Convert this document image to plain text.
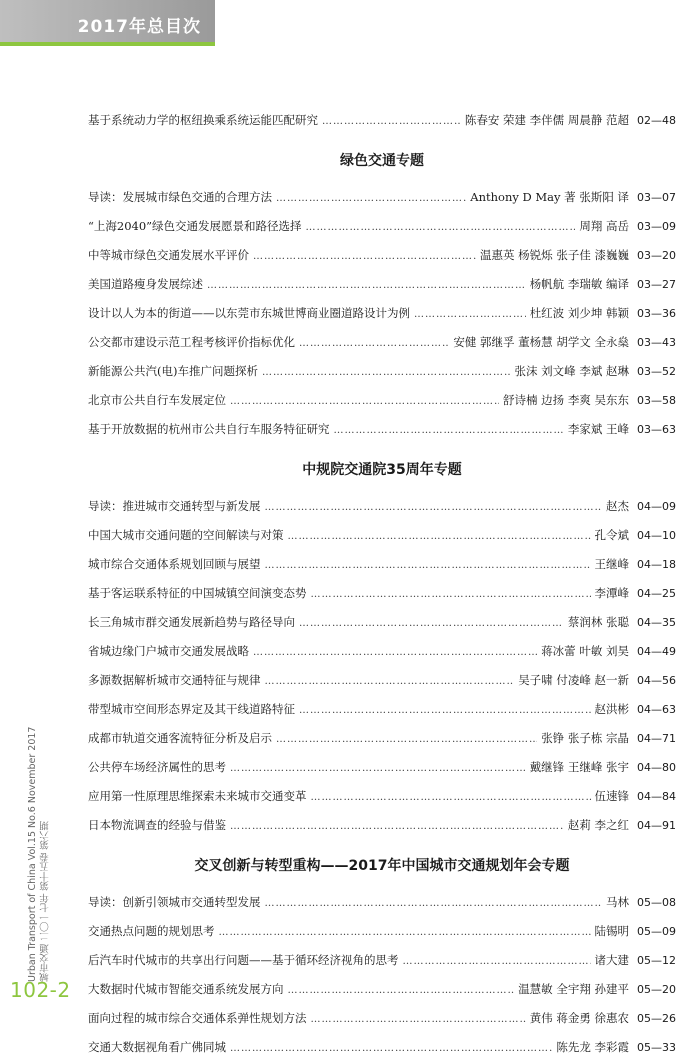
2017年总目次
基于系统动力学的枢纽换乘系统运能匹配研究 …………………………………………………………………………………………………………………………………………………………………………	陈春安 荣建 李伴儒 周晨静 范超 02—48
绿色交通专题
导读：发展城市绿色交通的合理方法 …………………………………………………………………………………………………………………………………………………………………………	Anthony D May 著 张斯阳 译 03—07
“上海2040”绿色交通发展愿景和路径选择 …………………………………………………………………………………………………………………………………………………………………………	周翔 高岳 03—09
中等城市绿色交通发展水平评价 …………………………………………………………………………………………………………………………………………………………………………	温惠英 杨锐烁 张子佳 漆巍巍 03—20
美国道路瘦身发展综述 …………………………………………………………………………………………………………………………………………………………………………	杨帆航 李瑞敏 编译 03—27
设计以人为本的街道——以东莞市东城世博商业圈道路设计为例 …………………………………………………………………………………………………………………………………………………………………………	杜红波 刘少坤 韩颖 03—36
公交都市建设示范工程考核评价指标优化 …………………………………………………………………………………………………………………………………………………………………………	安健 郭继孚 董杨慧 胡学文 全永燊 03—43
新能源公共汽(电)车推广问题探析 …………………………………………………………………………………………………………………………………………………………………………	张沫 刘文峰 李斌 赵琳 03—52
北京市公共自行车发展定位 …………………………………………………………………………………………………………………………………………………………………………	舒诗楠 边扬 李爽 吴东东 03—58
基于开放数据的杭州市公共自行车服务特征研究 …………………………………………………………………………………………………………………………………………………………………………	李家斌 王峰 03—63
中规院交通院35周年专题
导读：推进城市交通转型与新发展 …………………………………………………………………………………………………………………………………………………………………………	赵杰 04—09
中国大城市交通问题的空间解读与对策 …………………………………………………………………………………………………………………………………………………………………………	孔令斌 04—10
城市综合交通体系规划回顾与展望 …………………………………………………………………………………………………………………………………………………………………………	王继峰 04—18
基于客运联系特征的中国城镇空间演变态势 …………………………………………………………………………………………………………………………………………………………………………	李潭峰 04—25
长三角城市群交通发展新趋势与路径导向 …………………………………………………………………………………………………………………………………………………………………………	蔡润林 张聪 04—35
省城边缘门户城市交通发展战略 …………………………………………………………………………………………………………………………………………………………………………	蒋冰蕾 叶敏 刘昊 04—49
多源数据解析城市交通特征与规律 …………………………………………………………………………………………………………………………………………………………………………	吴子啸 付凌峰 赵一新 04—56
带型城市空间形态界定及其干线道路特征 …………………………………………………………………………………………………………………………………………………………………………	赵洪彬 04—63
成都市轨道交通客流特征分析及启示 …………………………………………………………………………………………………………………………………………………………………………	张铮 张子栋 宗晶 04—71
公共停车场经济属性的思考 …………………………………………………………………………………………………………………………………………………………………………	戴继锋 王继峰 张宇 04—80
应用第一性原理思维探索未来城市交通变革 …………………………………………………………………………………………………………………………………………………………………………	伍速锋 04—84
日本物流调查的经验与借鉴 …………………………………………………………………………………………………………………………………………………………………………	赵莉 李之红 04—91
交叉创新与转型重构——2017年中国城市交通规划年会专题
导读：创新引领城市交通转型发展 …………………………………………………………………………………………………………………………………………………………………………	马林 05—08
交通热点问题的规划思考 …………………………………………………………………………………………………………………………………………………………………………	陆锡明 05—09
后汽车时代城市的共享出行问题——基于循环经济视角的思考 …………………………………………………………………………………………………………………………………………………………………………	诸大建 05—12
大数据时代城市智能交通系统发展方向 …………………………………………………………………………………………………………………………………………………………………………	温慧敏 全宇翔 孙建平 05—20
面向过程的城市综合交通体系弹性规划方法 …………………………………………………………………………………………………………………………………………………………………………	黄伟 蒋金勇 徐惠农 05—26
交通大数据视角看广佛同城 …………………………………………………………………………………………………………………………………………………………………………	陈先龙 李彩霞 05—33
Urban Transport of China Vol.15 No.6 November 2017 城市交通 二〇一七年 第十五卷 第六期
102-2
